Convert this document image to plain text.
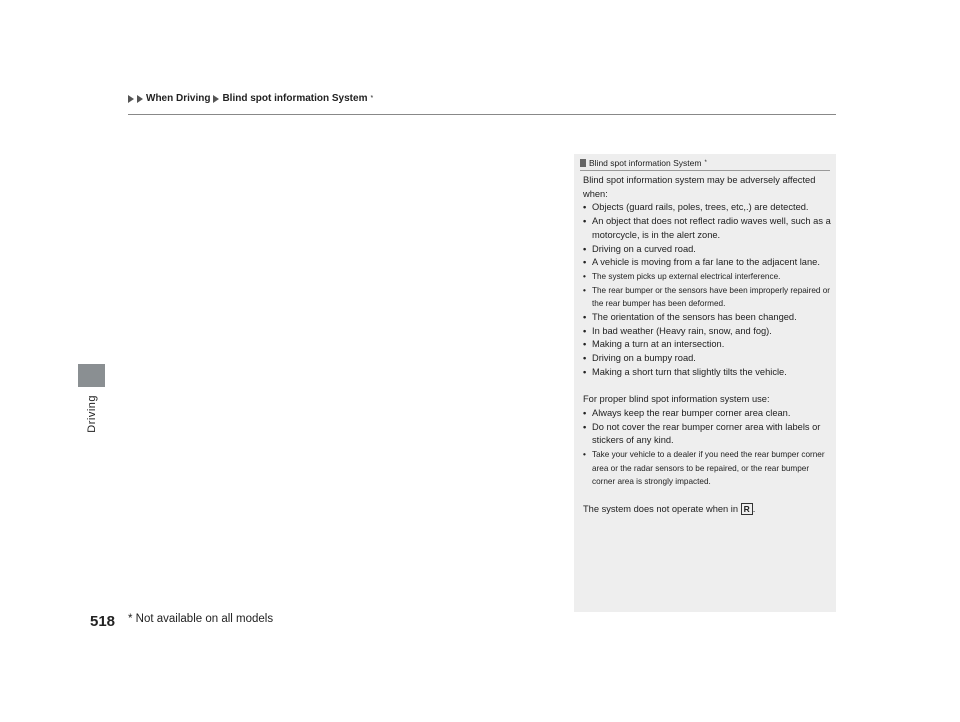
When Driving Blind spot information System *
Driving
518 * Not available on all models
Blind spot information System *

Blind spot information system may be adversely affected when:

• Objects (guard rails, poles, trees, etc,.) are detected.
• An object that does not reflect radio waves well, such as a motorcycle, is in the alert zone.
• Driving on a curved road.
• A vehicle is moving from a far lane to the adjacent lane.
• The system picks up external electrical interference.
• The rear bumper or the sensors have been improperly repaired or the rear bumper has been deformed.
• The orientation of the sensors has been changed.
• In bad weather (Heavy rain, snow, and fog).
• Making a turn at an intersection.
• Driving on a bumpy road.
• Making a short turn that slightly tilts the vehicle.

For proper blind spot information system use:

• Always keep the rear bumper corner area clean.
• Do not cover the rear bumper corner area with labels or stickers of any kind.
• Take your vehicle to a dealer if you need the rear bumper corner area or the radar sensors to be repaired, or the rear bumper corner area is strongly impacted.

The system does not operate when in R .
